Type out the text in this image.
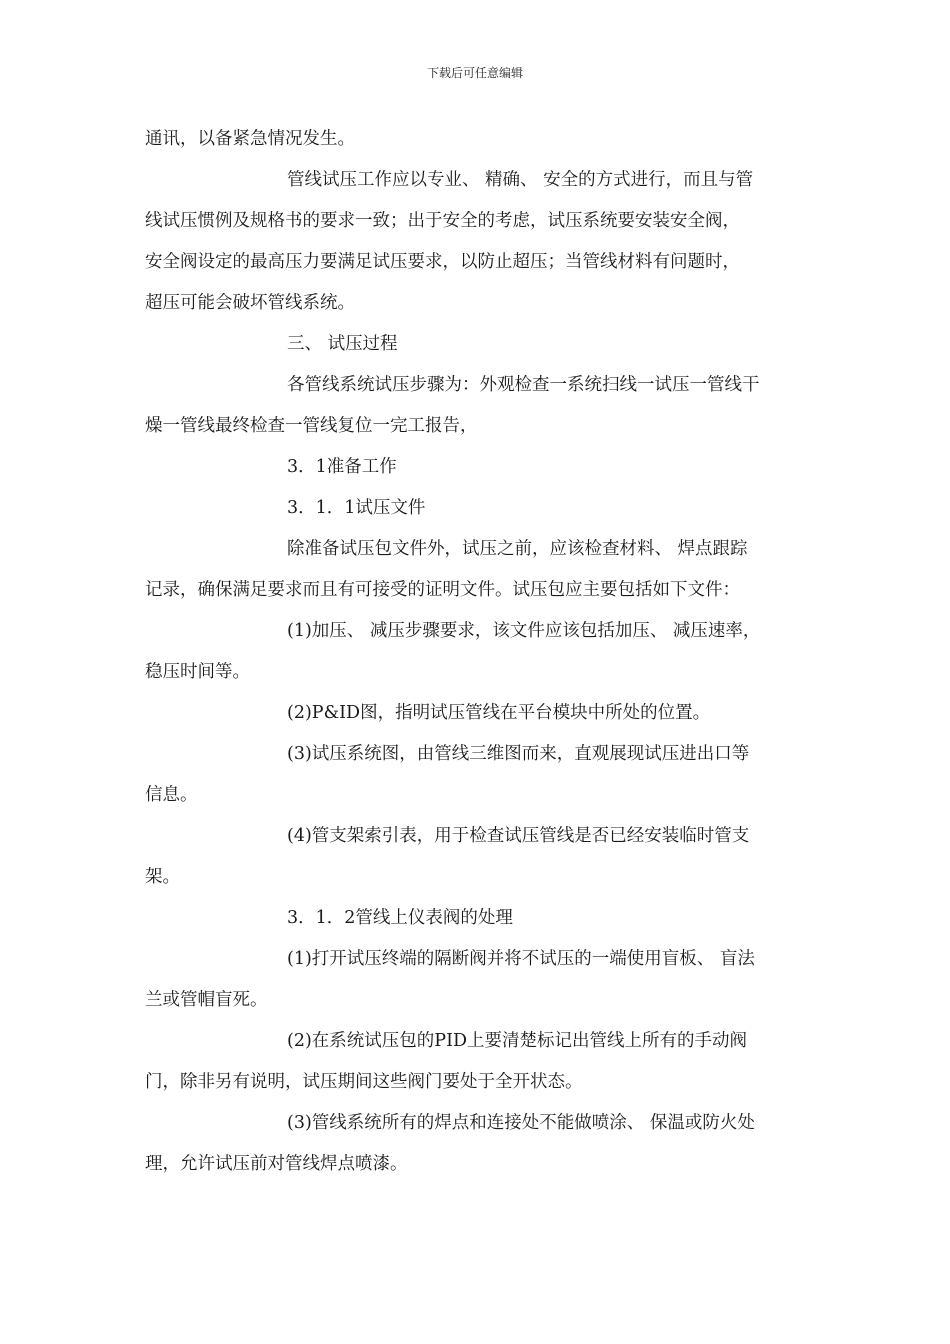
下载后可任意编辑
通讯，以备紧急情况发生。
管线试压工作应以专业、 精确、 安全的方式进行，而且与管
线试压惯例及规格书的要求一致；出于安全的考虑，试压系统要安装安全阀，
安全阀设定的最高压力要满足试压要求，以防止超压；当管线材料有问题时，
超压可能会破坏管线系统。
三、 试压过程
各管线系统试压步骤为：外观检查一系统扫线一试压一管线干
燥一管线最终检查一管线复位一完工报告，
3．1准备工作
3．1．1试压文件
除准备试压包文件外，试压之前，应该检查材料、 焊点跟踪
记录，确保满足要求而且有可接受的证明文件。试压包应主要包括如下文件：
(1)加压、 减压步骤要求，该文件应该包括加压、 减压速率，
稳压时间等。
(2)P&ID图，指明试压管线在平台模块中所处的位置。
(3)试压系统图，由管线三维图而来，直观展现试压进出口等
信息。
(4)管支架索引表，用于检查试压管线是否已经安装临时管支
架。
3．1．2管线上仪表阀的处理
(1)打开试压终端的隔断阀并将不试压的一端使用盲板、 盲法
兰或管帽盲死。
(2)在系统试压包的PID上要清楚标记出管线上所有的手动阀
门，除非另有说明，试压期间这些阀门要处于全开状态。
(3)管线系统所有的焊点和连接处不能做喷涂、 保温或防火处
理，允许试压前对管线焊点喷漆。
